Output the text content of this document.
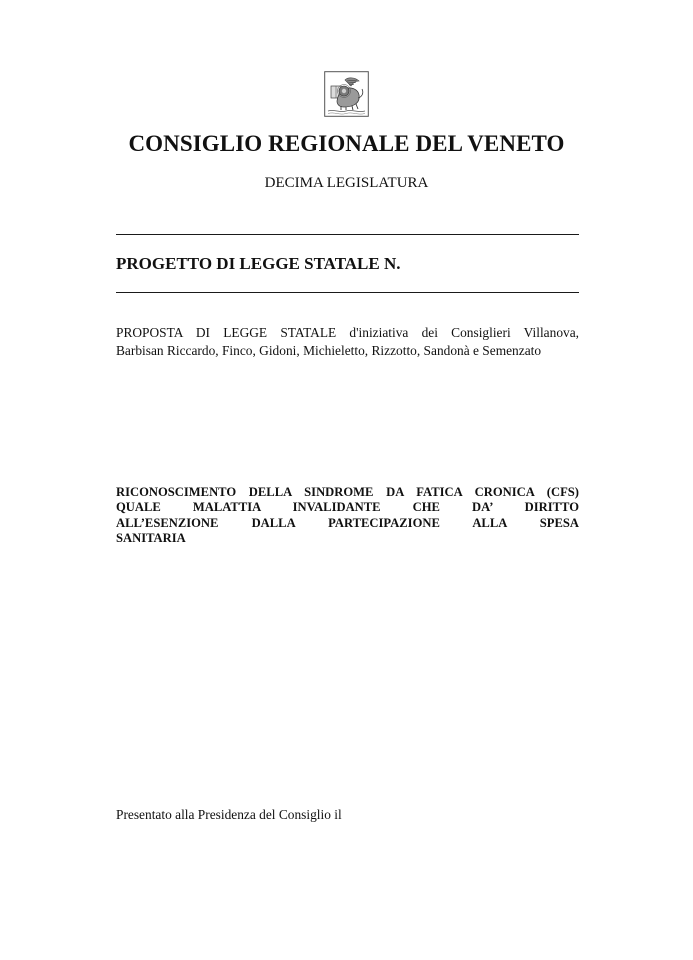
CONSIGLIO REGIONALE DEL VENETO
DECIMA LEGISLATURA
PROGETTO DI LEGGE STATALE N.
PROPOSTA DI LEGGE STATALE d'iniziativa dei Consiglieri Villanova,
Barbisan Riccardo, Finco, Gidoni, Michieletto, Rizzotto, Sandonà e Semenzato
RICONOSCIMENTO DELLA SINDROME DA FATICA CRONICA (CFS)
QUALE MALATTIA INVALIDANTE CHE DA’ DIRITTO
ALL’ESENZIONE DALLA PARTECIPAZIONE ALLA SPESA
SANITARIA
Presentato alla Presidenza del Consiglio il
